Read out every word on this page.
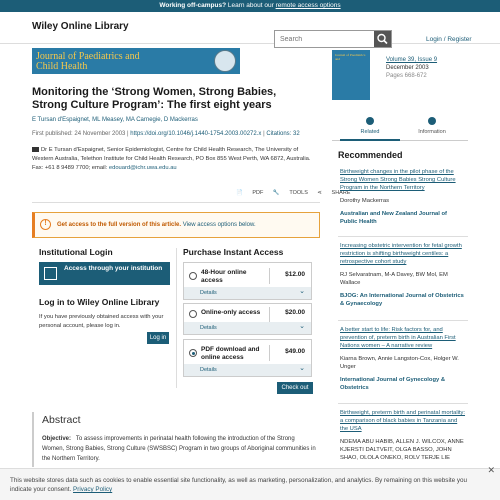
Working off-campus? Learn about our remote access options
Wiley Online Library
Search
Login / Register
Journal of Paediatrics and
Child Health
Monitoring the ‘Strong Women, Strong Babies, Strong Culture Program’: The first eight years
E Tursan d'Espaignet, ML Measey, MA Carnegie, D Mackerras
First published: 24 November 2003 | https://doi.org/10.1046/j.1440-1754.2003.00272.x | Citations: 32
Dr E Tursan d'Espaignet, Senior Epidemiologist, Centre for Child Health Research, The University of Western Australia, Telethon Institute for Child Health Research, PO Box 855 West Perth, WA 6872, Australia. Fax: +61 8 9489 7700; email: edouard@ichr.uwa.edu.au
📄 PDF 🔧 TOOLS ⋖ SHARE
!	Get access to the full version of this article. View access options below.
Institutional Login
Access through your institution
Log in to Wiley Online Library
If you have previously obtained access with your personal account, please log in.
Log in
Purchase Instant Access
48-Hour online access
$12.00
Details ⌄
Online-only access	$20.00
Details ⌄
PDF download and online access
$49.00
Details ⌄
Check out
Abstract
Objective: To assess improvements in perinatal health following the introduction of the Strong Women, Strong Babies, Strong Culture (SWSBSC) Program in two groups of Aboriginal communities in the Northern Territory.
Journal of Paediatrics and	Volume 39, Issue 9
December 2003
Pages 668-672
Related	Information
Recommended
Birthweight changes in the pilot phase of the Strong Women Strong Babies Strong Culture Program in the Northern Territory
Dorothy Mackerras
Australian and New Zealand Journal of Public Health
Increasing obstetric intervention for fetal growth restriction is shifting birthweight centiles: a retrospective cohort study
RJ Selvaratnam, M-A Davey, BW Mol, EM Wallace
BJOG: An International Journal of Obstetrics & Gynaecology
A better start to life: Risk factors for, and prevention of, preterm birth in Australian First Nations women – A narrative review
Kiarna Brown, Annie Langston‐Cox, Holger W. Unger
International Journal of Gynecology & Obstetrics
Birthweight, preterm birth and perinatal mortality: a comparison of black babies in Tanzania and the USA
NDEMA ABU HABIB, ALLEN J. WILCOX, ANNE KJERSTI DALTVEIT, OLGA BASSO, JOHN SHAO, OLOLA ONEKO, ROLV TERJE LIE
This website stores data such as cookies to enable essential site functionality, as well as marketing, personalization, and analytics. By remaining on this website you indicate your consent. Privacy Policy
✕
